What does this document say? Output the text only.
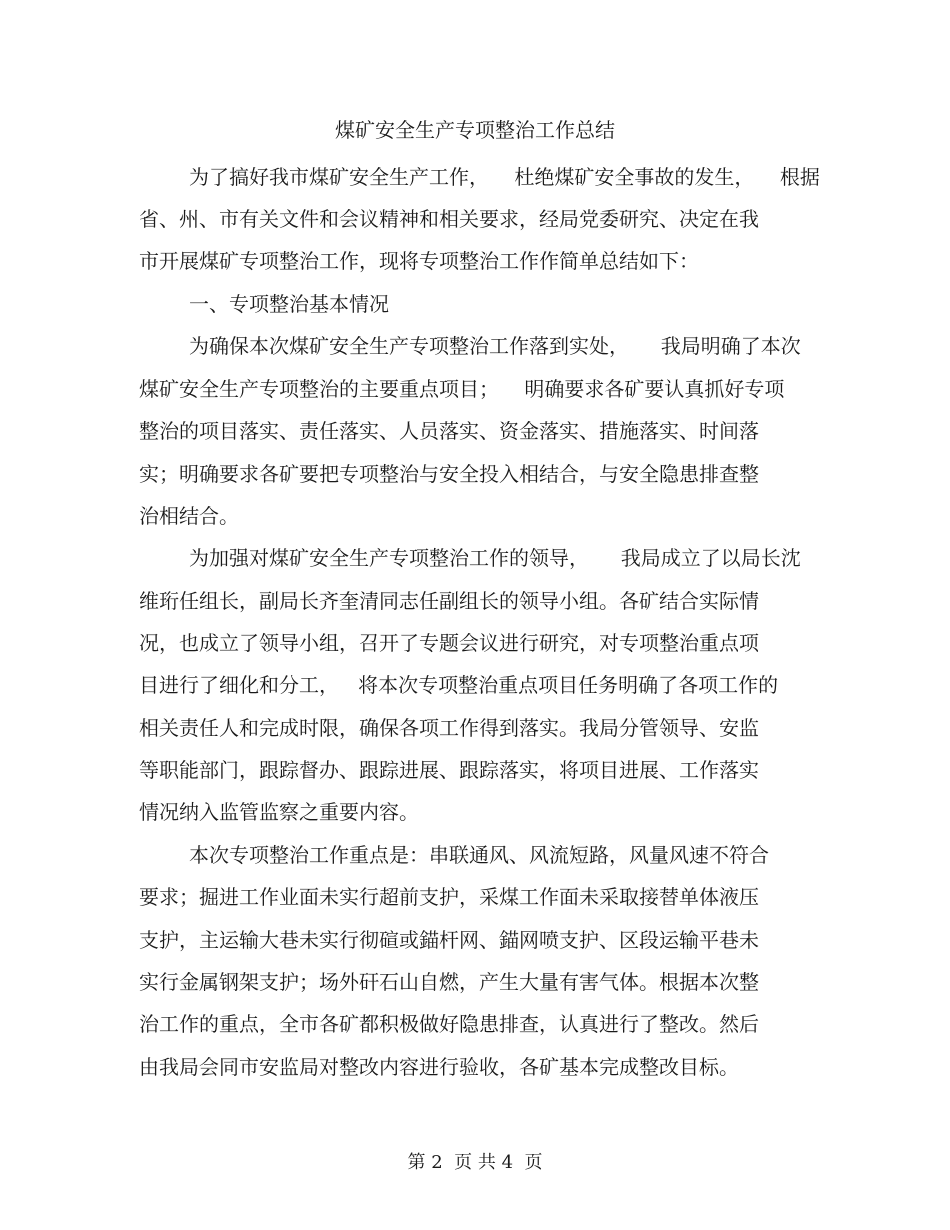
煤矿安全生产专项整治工作总结
为了搞好我市煤矿安全生产工作，    杜绝煤矿安全事故的发生，    根据
省、州、市有关文件和会议精神和相关要求，经局党委研究、决定在我
市开展煤矿专项整治工作，现将专项整治工作作简单总结如下：
一、专项整治基本情况
为确保本次煤矿安全生产专项整治工作落到实处，     我局明确了本次
煤矿安全生产专项整治的主要重点项目；    明确要求各矿要认真抓好专项
整治的项目落实、责任落实、人员落实、资金落实、措施落实、时间落
实；明确要求各矿要把专项整治与安全投入相结合，与安全隐患排查整
治相结合。
为加强对煤矿安全生产专项整治工作的领导，     我局成立了以局长沈
维珩任组长，副局长齐奎清同志任副组长的领导小组。各矿结合实际情
况，也成立了领导小组，召开了专题会议进行研究，对专项整治重点项
目进行了细化和分工，   将本次专项整治重点项目任务明确了各项工作的
相关责任人和完成时限，确保各项工作得到落实。我局分管领导、安监
等职能部门，跟踪督办、跟踪进展、跟踪落实，将项目进展、工作落实
情况纳入监管监察之重要内容。
本次专项整治工作重点是：串联通风、风流短路，风量风速不符合
要求；掘进工作业面未实行超前支护，采煤工作面未采取接替单体液压
支护，主运输大巷未实行彻碹或錨杆网、錨网喷支护、区段运输平巷未
实行金属钢架支护；场外矸石山自燃，产生大量有害气体。根据本次整
治工作的重点，全市各矿都积极做好隐患排查，认真进行了整改。然后
由我局会同市安监局对整改内容进行验收，各矿基本完成整改目标。
第 2  页 共 4  页
